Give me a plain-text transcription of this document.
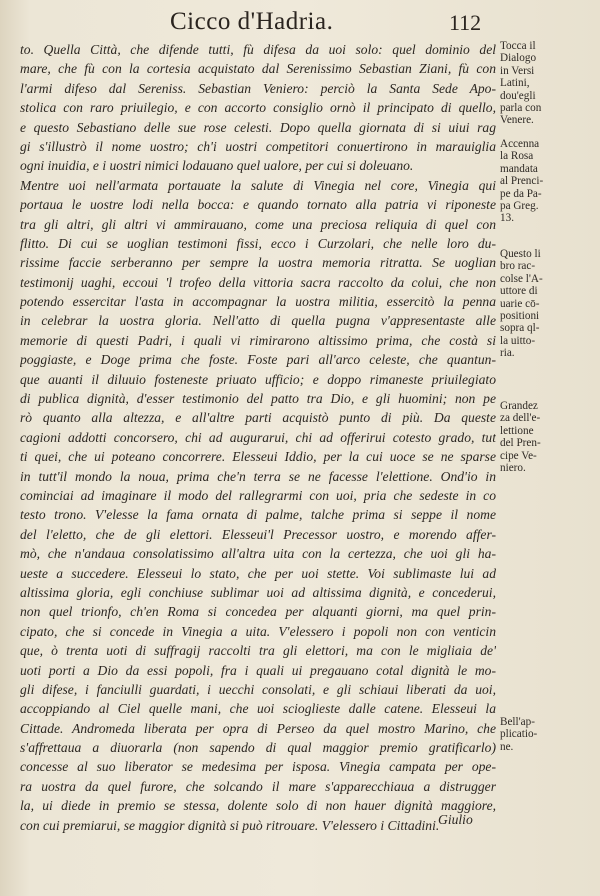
Cicco d'Hadria.	112
to. Quella Città, che difende tutti, fù difesa da uoi solo: quel dominio del
mare, che fù con la cortesia acquistato dal Serenissimo Sebastian Ziani, fù con
l'armi difeso dal Sereniss. Sebastian Veniero: perciò la Santa Sede Apo-
stolica con raro priuilegio, e con accorto consiglio ornò il principato di quello,
e questo Sebastiano delle sue rose celesti. Dopo quella giornata di si uiui rag
gi s'illustrò il nome uostro; ch'i uostri competitori conuertirono in marauiglia
ogni inuidia, e i uostri nimici lodauano quel ualore, per cui si doleuano.
Mentre uoi nell'armata portauate la salute di Vinegia nel core, Vinegia qui
portaua le uostre lodi nella bocca: e quando tornato alla patria vi riponeste
tra gli altri, gli altri vi ammirauano, come una preciosa reliquia di quel con
flitto. Di cui se uoglian testimoni fissi, ecco i Curzolari, che nelle loro du-
rissime faccie serberanno per sempre la uostra memoria ritratta. Se uoglian
testimonij uaghi, eccoui 'l trofeo della vittoria sacra raccolto da colui, che non
potendo essercitar l'asta in accompagnar la uostra militia, essercitò la penna
in celebrar la uostra gloria. Nell'atto di quella pugna v'appresentaste alle
memorie di questi Padri, i quali vi rimirarono altissimo prima, che costà si
poggiaste, e Doge prima che foste. Foste pari all'arco celeste, che quantun-
que auanti il diluuio fosteneste priuato ufficio; e doppo rimaneste priuilegiato
di publica dignità, d'esser testimonio del patto tra Dio, e gli huomini; non pe
rò quanto alla altezza, e all'altre parti acquistò punto di più. Da queste
cagioni addotti concorsero, chi ad augurarui, chi ad offerirui cotesto grado, tut
ti quei, che ui poteano concorrere. Elesseui Iddio, per la cui uoce se ne sparse
in tutt'il mondo la noua, prima che'n terra se ne facesse l'elettione. Ond'io in
cominciai ad imaginare il modo del rallegrarmi con uoi, pria che sedeste in co
testo trono. V'elesse la fama ornata di palme, talche prima si seppe il nome
del l'eletto, che de gli elettori. Elesseui'l Precessor uostro, e morendo affer-
mò, che n'andaua consolatissimo all'altra uita con la certezza, che uoi gli ha-
ueste a succedere. Elesseui lo stato, che per uoi stette. Voi sublimaste lui ad
altissima gloria, egli conchiuse sublimar uoi ad altissima dignità, e concederui,
non quel trionfo, ch'en Roma si concedea per alquanti giorni, ma quel prin-
cipato, che si concede in Vinegia a uita. V'elessero i popoli non con venticin
que, ò trenta uoti di suffragij raccolti tra gli elettori, ma con le migliaia de'
uoti porti a Dio da essi popoli, fra i quali ui pregauano cotal dignità le mo-
gli difese, i fanciulli guardati, i uecchi consolati, e gli schiaui liberati da uoi,
accoppiando al Ciel quelle mani, che uoi scioglieste dalle catene. Elesseui la
Cittade. Andromeda liberata per opra di Perseo da quel mostro Marino, che
s'affrettaua a diuorarla (non sapendo di qual maggior premio gratificarlo)
concesse al suo liberator se medesima per isposa. Vinegia campata per ope-
ra uostra da quel furore, che solcando il mare s'apparecchiaua a distrugger
la, ui diede in premio se stessa, dolente solo di non hauer dignità maggiore,
con cui premiarui, se maggior dignità si può ritrouare. V'elessero i Cittadini.
Tocca il
Dialogo
in Versi
Latini,
dou'egli
parla con
Venere.
Accenna
la Rosa
mandata
al Prenci-
pe da Pa-
pa Greg.
13.
Questo li
bro rac-
colse l'A-
uttore di
uarie cō-
positioni
sopra ql-
la uitto-
ria.
Grandez
za dell'e-
lettione
del Pren-
cipe Ve-
niero.
Bell'ap-
plicatio-
ne.
Giulio
